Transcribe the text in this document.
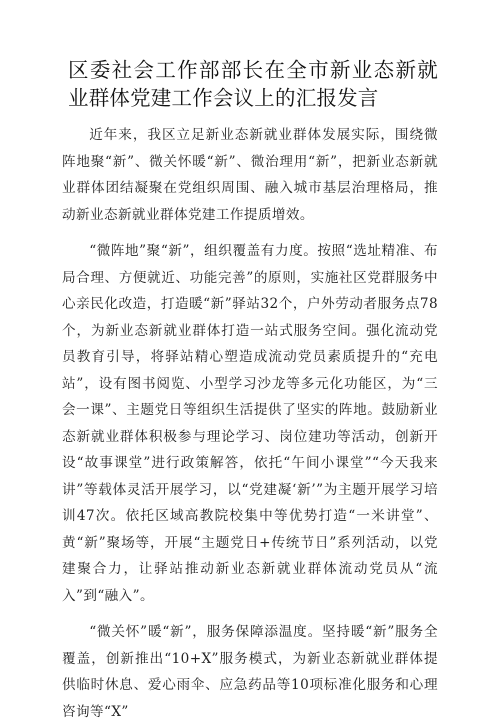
区委社会工作部部长在全市新业态新就业群体党建工作会议上的汇报发言

近年来，我区立足新业态新就业群体发展实际，围绕微阵地聚“新”、微关怀暖“新”、微治理用“新”，把新业态新就业群体团结凝聚在党组织周围、融入城市基层治理格局，推动新业态新就业群体党建工作提质增效。

“微阵地”聚“新”，组织覆盖有力度。按照“选址精准、布局合理、方便就近、功能完善”的原则，实施社区党群服务中心亲民化改造，打造暖“新”驿站32个，户外劳动者服务点78个，为新业态新就业群体打造一站式服务空间。强化流动党员教育引导，将驿站精心塑造成流动党员素质提升的“充电站”，设有图书阅览、小型学习沙龙等多元化功能区，为“三会一课”、主题党日等组织生活提供了坚实的阵地。鼓励新业态新就业群体积极参与理论学习、岗位建功等活动，创新开设“故事课堂”进行政策解答，依托“午间小课堂”“今天我来讲”等载体灵活开展学习，以“党建凝‘新’”为主题开展学习培训47次。依托区域高教院校集中等优势打造“一米讲堂”、黄“新”聚场等，开展“主题党日+传统节日”系列活动，以党建聚合力，让驿站推动新业态新就业群体流动党员从“流入”到“融入”。

“微关怀”暖“新”，服务保障添温度。坚持暖“新”服务全覆盖，创新推出“10+X”服务模式，为新业态新就业群体提供临时休息、爱心雨伞、应急药品等10项标准化服务和心理咨询等“X”
